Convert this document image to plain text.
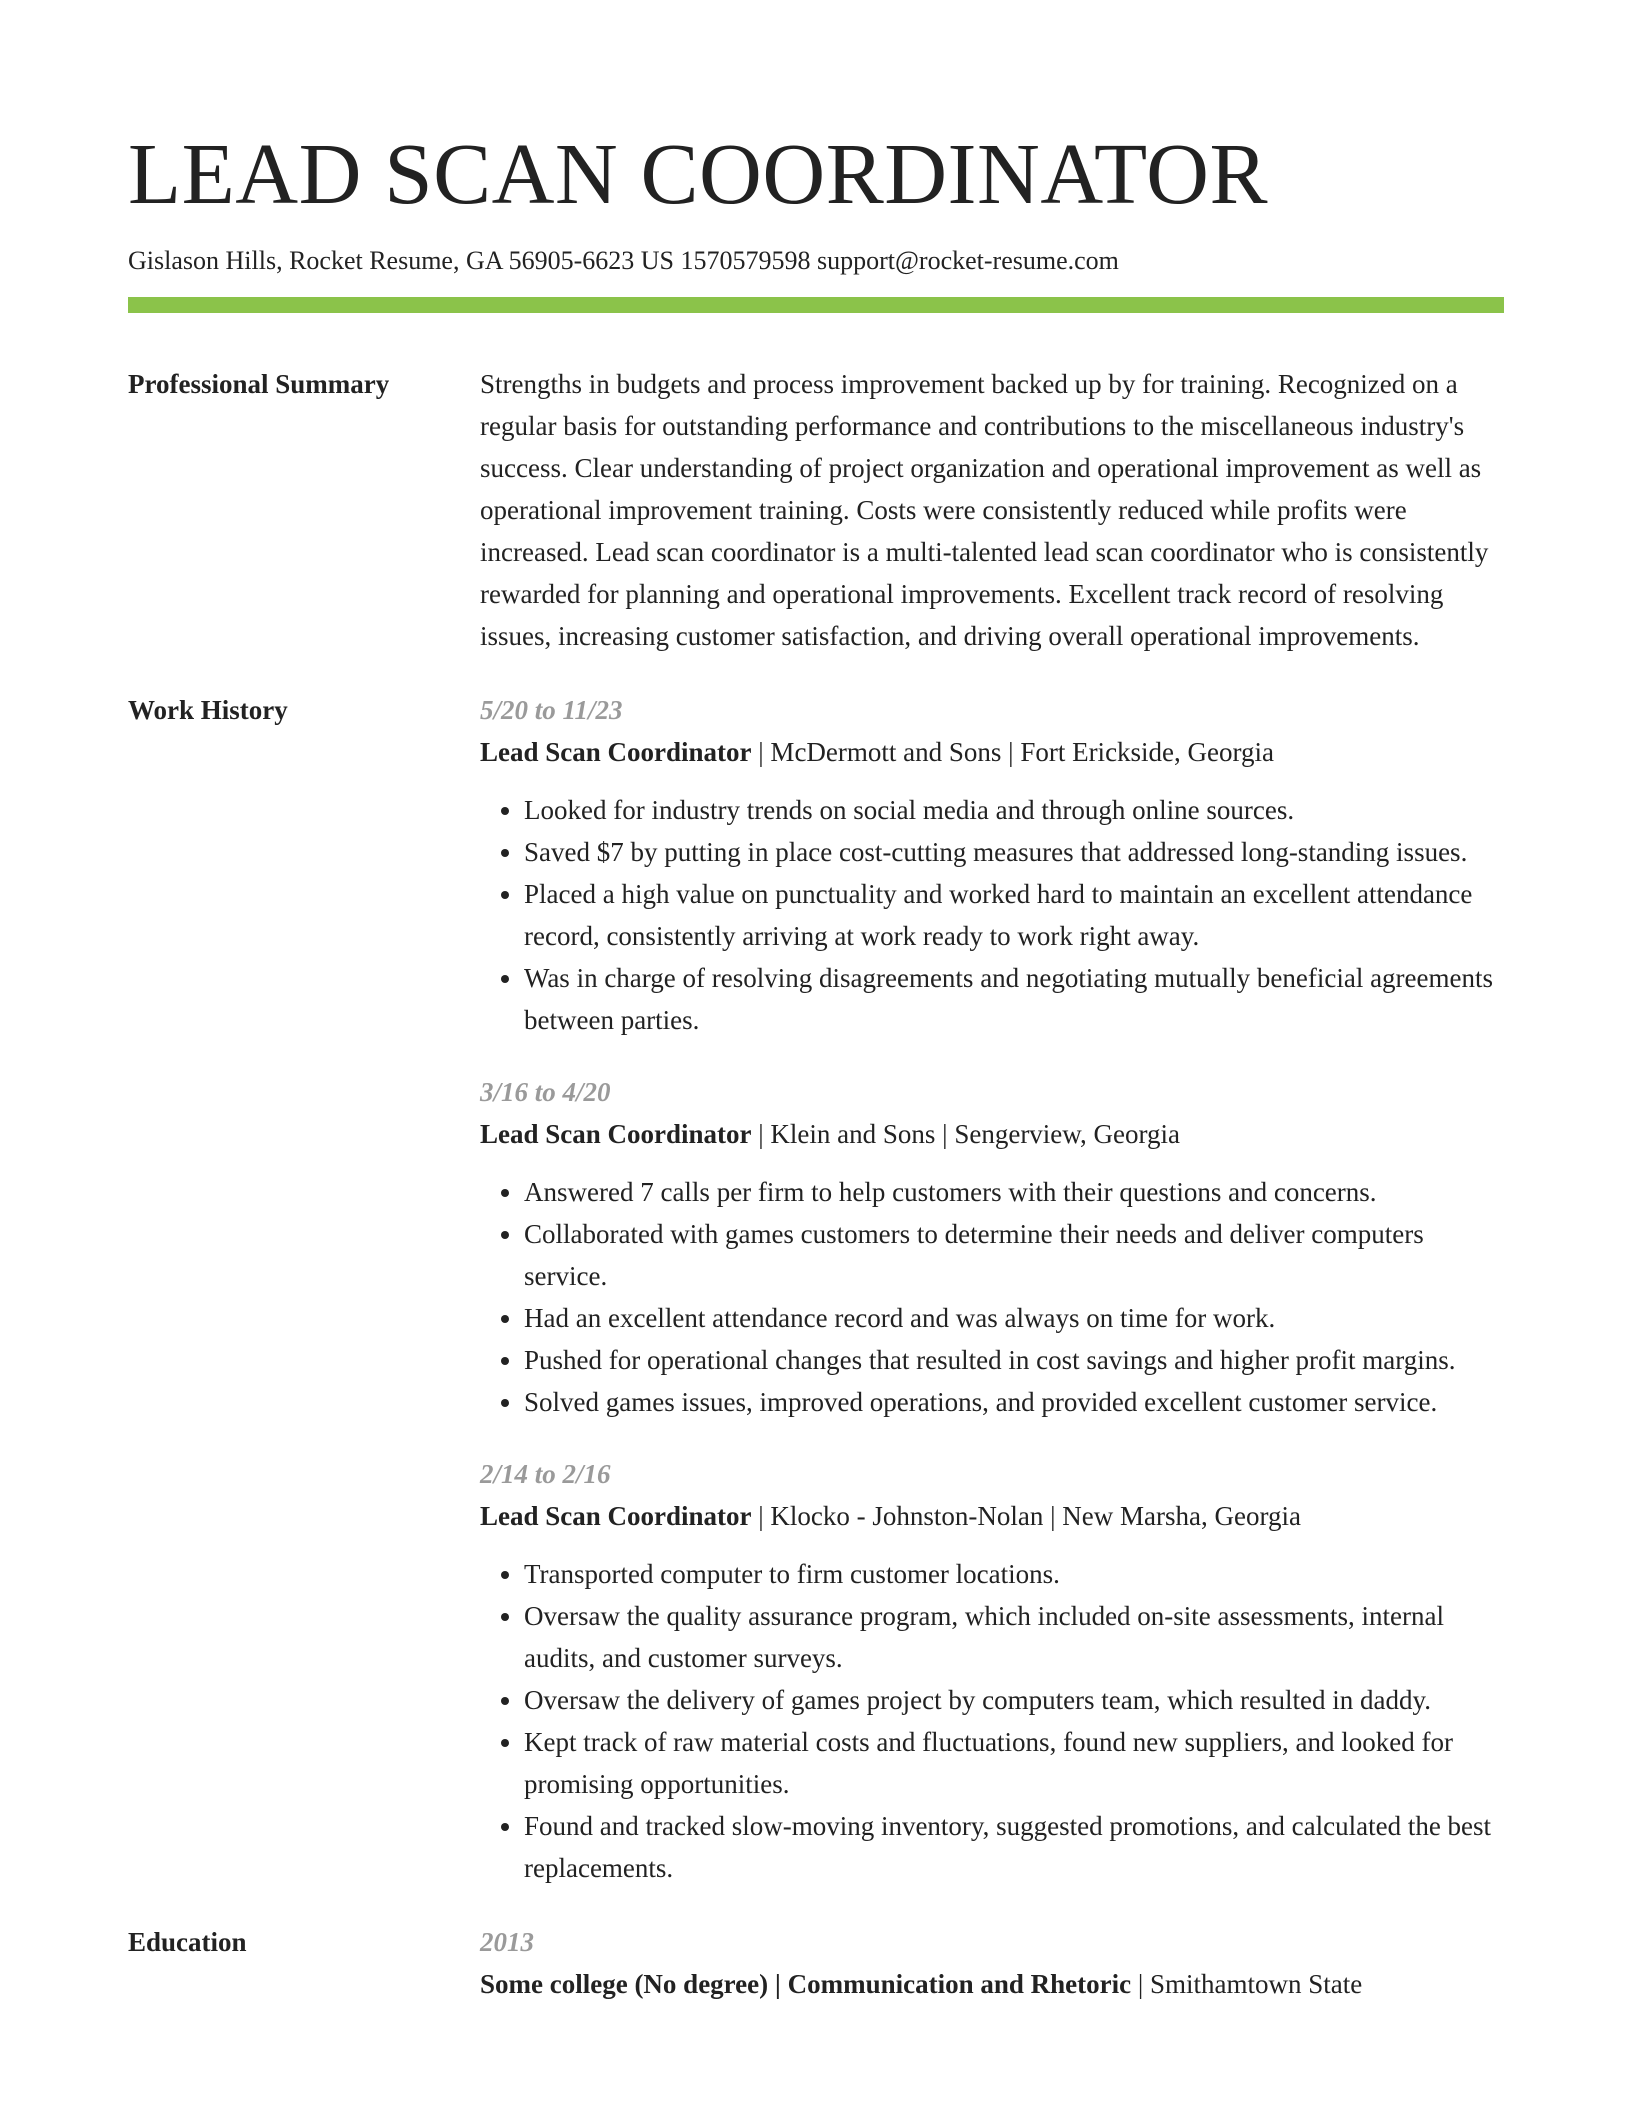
LEAD SCAN COORDINATOR
Gislason Hills, Rocket Resume, GA 56905-6623 US 1570579598 support@rocket-resume.com
Professional Summary	Strengths in budgets and process improvement backed up by for training. Recognized on a regular basis for outstanding performance and contributions to the miscellaneous industry's success. Clear understanding of project organization and operational improvement as well as operational improvement training. Costs were consistently reduced while profits were increased. Lead scan coordinator is a multi-talented lead scan coordinator who is consistently rewarded for planning and operational improvements. Excellent track record of resolving issues, increasing customer satisfaction, and driving overall operational improvements.

Work History	5/20 to 11/23
Lead Scan Coordinator | McDermott and Sons | Fort Erickside, Georgia
• Looked for industry trends on social media and through online sources.
• Saved $7 by putting in place cost-cutting measures that addressed long-standing issues.
• Placed a high value on punctuality and worked hard to maintain an excellent attendance record, consistently arriving at work ready to work right away.
• Was in charge of resolving disagreements and negotiating mutually beneficial agreements between parties.
3/16 to 4/20
Lead Scan Coordinator | Klein and Sons | Sengerview, Georgia
• Answered 7 calls per firm to help customers with their questions and concerns.
• Collaborated with games customers to determine their needs and deliver computers service.
• Had an excellent attendance record and was always on time for work.
• Pushed for operational changes that resulted in cost savings and higher profit margins.
• Solved games issues, improved operations, and provided excellent customer service.
2/14 to 2/16
Lead Scan Coordinator | Klocko - Johnston-Nolan | New Marsha, Georgia
• Transported computer to firm customer locations.
• Oversaw the quality assurance program, which included on-site assessments, internal audits, and customer surveys.
• Oversaw the delivery of games project by computers team, which resulted in daddy.
• Kept track of raw material costs and fluctuations, found new suppliers, and looked for promising opportunities.
• Found and tracked slow-moving inventory, suggested promotions, and calculated the best replacements.
Education	2013
Some college (No degree) | Communication and Rhetoric | Smithamtown State
